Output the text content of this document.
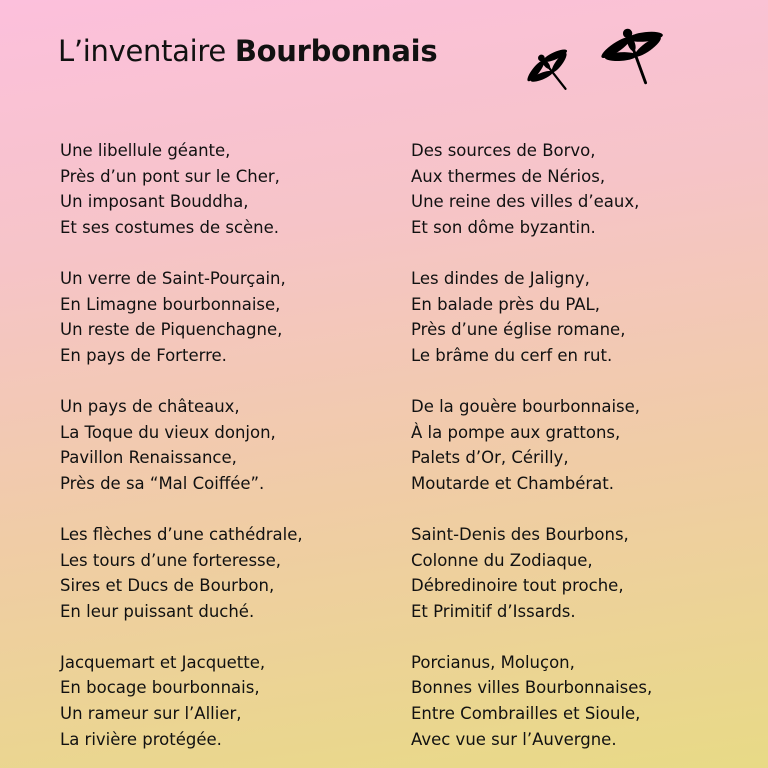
L’inventaire Bourbonnais
Une libellule géante,
Près d’un pont sur le Cher,
Un imposant Bouddha,
Et ses costumes de scène.
Un verre de Saint-Pourçain,
En Limagne bourbonnaise,
Un reste de Piquenchagne,
En pays de Forterre.
Un pays de châteaux,
La Toque du vieux donjon,
Pavillon Renaissance,
Près de sa “Mal Coiffée”.
Les flèches d’une cathédrale,
Les tours d’une forteresse,
Sires et Ducs de Bourbon,
En leur puissant duché.
Jacquemart et Jacquette,
En bocage bourbonnais,
Un rameur sur l’Allier,
La rivière protégée.
Des sources de Borvo,
Aux thermes de Nérios,
Une reine des villes d’eaux,
Et son dôme byzantin.
Les dindes de Jaligny,
En balade près du PAL,
Près d’une église romane,
Le brâme du cerf en rut.
De la gouère bourbonnaise,
À la pompe aux grattons,
Palets d’Or, Cérilly,
Moutarde et Chambérat.
Saint-Denis des Bourbons,
Colonne du Zodiaque,
Débredinoire tout proche,
Et Primitif d’Issards.
Porcianus, Moluçon,
Bonnes villes Bourbonnaises,
Entre Combrailles et Sioule,
Avec vue sur l’Auvergne.
